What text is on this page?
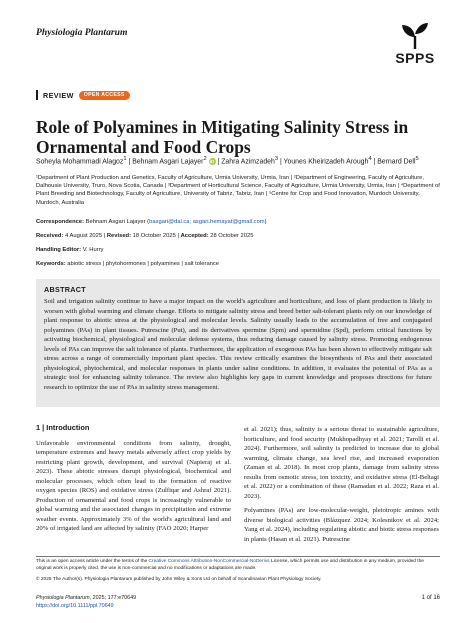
Physiologia Plantarum
SPPS
REVIEW	OPEN ACCESS
Role of Polyamines in Mitigating Salinity Stress in Ornamental and Food Crops
Soheyla Mohammadi Alagoz$^1$ | Behnam Asgari Lajayer$^2$ iD | Zahra Azimzadeh$^3$ | Younes Kheirizadeh Arough$^4$ | Bernard Dell$^5$
¹Department of Plant Production and Genetics, Faculty of Agriculture, Urmia University, Urmia, Iran | ²Department of Engineering, Faculty of Agriculture, Dalhousie University, Truro, Nova Scotia, Canada | ³Department of Horticultural Science, Faculty of Agriculture, Urmia University, Urmia, Iran | ⁴Department of Plant Breeding and Biotechnology, Faculty of Agriculture, University of Tabriz, Tabriz, Iran | ⁵Centre for Crop and Food Innovation, Murdoch University, Murdoch, Australia
Correspondence: Behnam Asgari Lajayer (basgari@dal.ca; asgari.hemayat@gmail.com)
Received: 4 August 2025 | Revised: 18 October 2025 | Accepted: 28 October 2025
Handling Editor: V. Hurry
Keywords: abiotic stress | phytohormones | polyamines | salt tolerance
ABSTRACT
Soil and irrigation salinity continue to have a major impact on the world's agriculture and horticulture, and loss of plant production is likely to worsen with global warming and climate change. Efforts to mitigate salinity stress and breed better salt-tolerant plants rely on our knowledge of plant response to abiotic stress at the physiological and molecular levels. Salinity usually leads to the accumulation of free and conjugated polyamines (PAs) in plant tissues. Putrescine (Put), and its derivatives spermine (Spm) and spermidine (Spd), perform critical functions by activating biochemical, physiological and molecular defense systems, thus reducing damage caused by salinity stress. Promoting endogenous levels of PAs can improve the salt tolerance of plants. Furthermore, the application of exogenous PAs has been shown to effectively mitigate salt stress across a range of commercially important plant species. This review critically examines the biosynthesis of PAs and their associated physiological, phytochemical, and molecular responses in plants under saline conditions. In addition, it evaluates the potential of PAs as a strategic tool for enhancing salinity tolerance. The review also highlights key gaps in current knowledge and proposes directions for future research to optimize the use of PAs in salinity stress management.
1 | Introduction

Unfavorable environmental conditions from salinity, drought, temperature extremes and heavy metals adversely affect crop yields by restricting plant growth, development, and survival (Napieraj et al. 2023). These abiotic stresses disrupt physiological, biochemical and molecular processes, which often lead to the formation of reactive oxygen species (ROS) and oxidative stress (Zulfiqar and Ashraf 2021). Production of ornamental and food crops is increasingly vulnerable to global warming and the associated changes in precipitation and extreme weather events. Approximately 3% of the world's agricultural land and 20% of irrigated land are affected by salinity (FAO 2020; Harper

et al. 2021); thus, salinity is a serious threat to sustainable agriculture, horticulture, and food security (Mukhopadhyay et al. 2021; Tarolli et al. 2024). Furthermore, soil salinity is predicted to increase due to global warming, climate change, sea level rise, and increased evaporation (Zaman et al. 2018). In most crop plants, damage from salinity stress results from osmotic stress, ion toxicity, and oxidative stress (El-Beltagi et al. 2022) or a combination of these (Ramadan et al. 2022; Raza et al. 2023).

Polyamines (PAs) are low-molecular-weight, pleiotropic amines with diverse biological activities (Blázquez 2024; Kolesnikov et al. 2024; Yang et al. 2024), including regulating abiotic and biotic stress responses in plants (Hasan et al. 2021). Putrescine

This is an open access article under the terms of the Creative Commons Attribution-NonCommercial-NoDerivs License, which permits use and distribution in any medium, provided the original work is properly cited, the use is non-commercial and no modifications or adaptations are made.
© 2025 The Author(s). Physiologia Plantarum published by John Wiley & Sons Ltd on behalf of Scandinavian Plant Physiology Society.
Physiologia Plantarum, 2025; 177:e70649
https://doi.org/10.1111/ppl.70649
1 of 16
